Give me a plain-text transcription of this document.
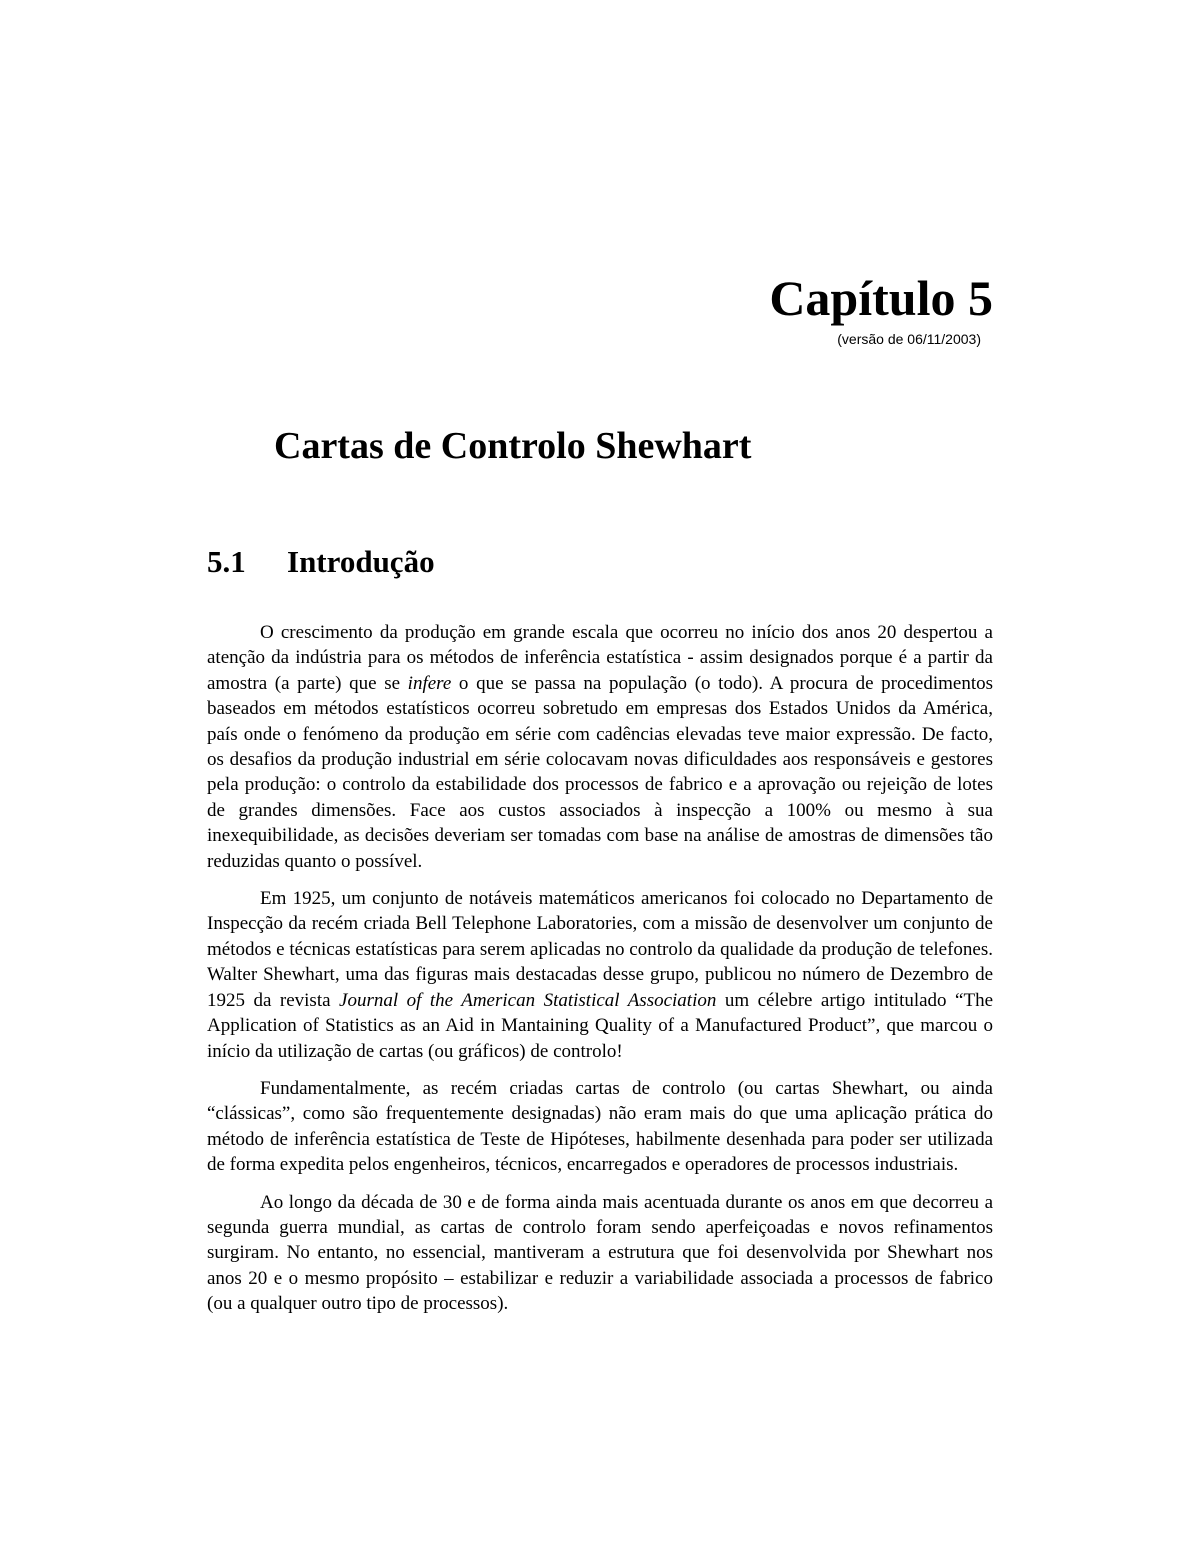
Capítulo 5
(versão de 06/11/2003)
Cartas de Controlo Shewhart
5.1 Introdução

O crescimento da produção em grande escala que ocorreu no início dos anos 20 despertou a atenção da indústria para os métodos de inferência estatística - assim designados porque é a partir da amostra (a parte) que se infere o que se passa na população (o todo). A procura de procedimentos baseados em métodos estatísticos ocorreu sobretudo em empresas dos Estados Unidos da América, país onde o fenómeno da produção em série com cadências elevadas teve maior expressão. De facto, os desafios da produção industrial em série colocavam novas dificuldades aos responsáveis e gestores pela produção: o controlo da estabilidade dos processos de fabrico e a aprovação ou rejeição de lotes de grandes dimensões. Face aos custos associados à inspecção a 100% ou mesmo à sua inexequibilidade, as decisões deveriam ser tomadas com base na análise de amostras de dimensões tão reduzidas quanto o possível.

Em 1925, um conjunto de notáveis matemáticos americanos foi colocado no Departamento de Inspecção da recém criada Bell Telephone Laboratories, com a missão de desenvolver um conjunto de métodos e técnicas estatísticas para serem aplicadas no controlo da qualidade da produção de telefones. Walter Shewhart, uma das figuras mais destacadas desse grupo, publicou no número de Dezembro de 1925 da revista Journal of the American Statistical Association um célebre artigo intitulado “The Application of Statistics as an Aid in Mantaining Quality of a Manufactured Product”, que marcou o início da utilização de cartas (ou gráficos) de controlo!

Fundamentalmente, as recém criadas cartas de controlo (ou cartas Shewhart, ou ainda “clássicas”, como são frequentemente designadas) não eram mais do que uma aplicação prática do método de inferência estatística de Teste de Hipóteses, habilmente desenhada para poder ser utilizada de forma expedita pelos engenheiros, técnicos, encarregados e operadores de processos industriais.

Ao longo da década de 30 e de forma ainda mais acentuada durante os anos em que decorreu a segunda guerra mundial, as cartas de controlo foram sendo aperfeiçoadas e novos refinamentos surgiram. No entanto, no essencial, mantiveram a estrutura que foi desenvolvida por Shewhart nos anos 20 e o mesmo propósito – estabilizar e reduzir a variabilidade associada a processos de fabrico (ou a qualquer outro tipo de processos).
